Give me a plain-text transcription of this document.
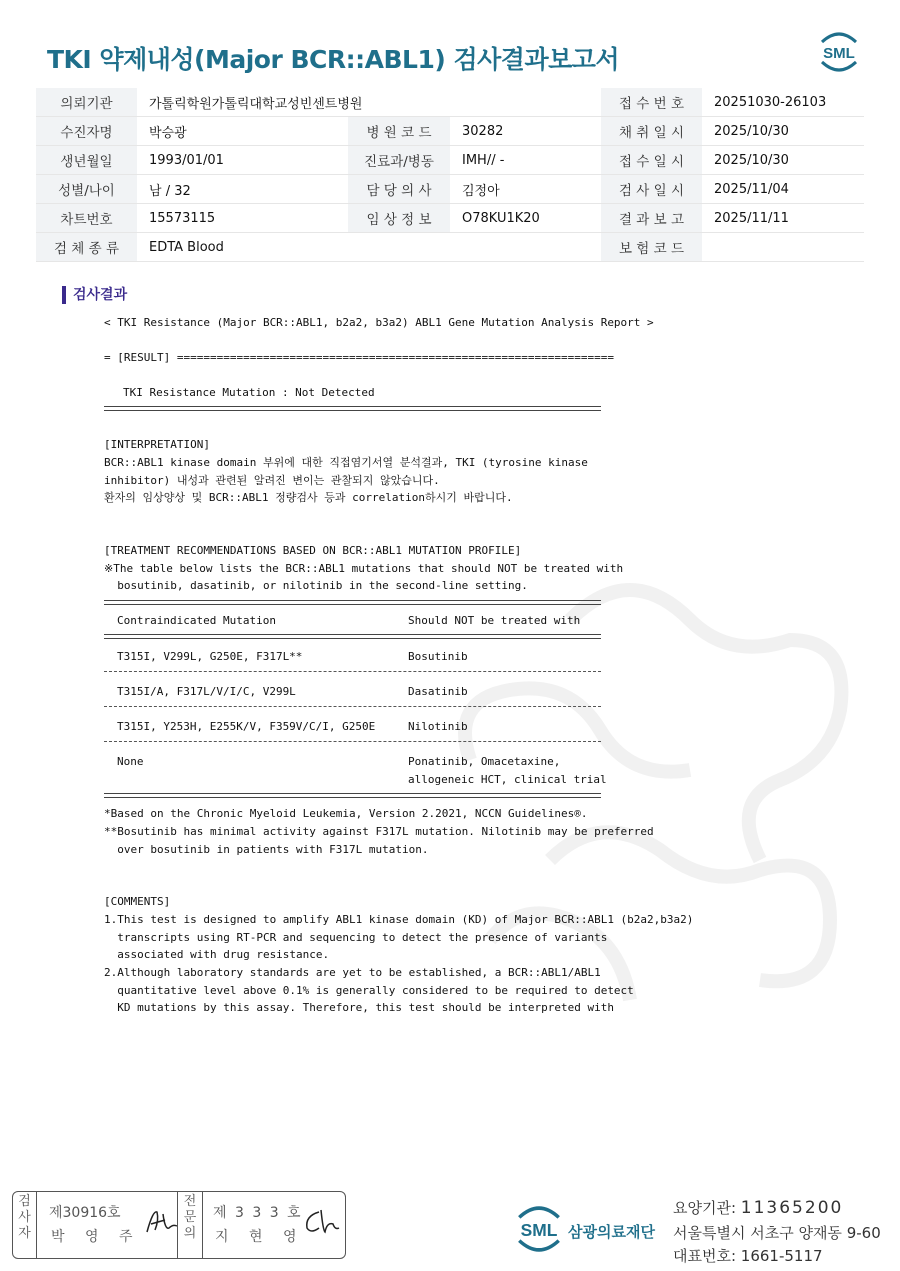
TKI 약제내성(Major BCR::ABL1) 검사결과보고서	SML
의뢰기관	가톨릭학원가톨릭대학교성빈센트병원			접 수 번 호	20251030-26103
수진자명	박승광	병 원 코 드	30282	채 취 일 시	2025/10/30
생년월일	1993/01/01	진료과/병동	IMH// -	접 수 일 시	2025/10/30
성별/나이	남 / 32	담 당 의 사	김정아	검 사 일 시	2025/11/04
차트번호	15573115	임 상 정 보	O78KU1K20	결 과 보 고	2025/11/11
검 체 종 류	EDTA Blood			보 험 코 드	
검사결과
< TKI Resistance (Major BCR::ABL1, b2a2, b3a2) ABL1 Gene Mutation Analysis Report >
= [RESULT] ==================================================================
TKI Resistance Mutation : Not Detected
[INTERPRETATION]
BCR::ABL1 kinase domain 부위에 대한 직접염기서열 분석결과, TKI (tyrosine kinase
inhibitor) 내성과 관련된 알려진 변이는 관찰되지 않았습니다.
환자의 임상양상 및 BCR::ABL1 정량검사 등과 correlation하시기 바랍니다.
[TREATMENT RECOMMENDATIONS BASED ON BCR::ABL1 MUTATION PROFILE]
※The table below lists the BCR::ABL1 mutations that should NOT be treated with
bosutinib, dasatinib, or nilotinib in the second-line setting.
Contraindicated Mutation	Should NOT be treated with
T315I, V299L, G250E, F317L**	Bosutinib
T315I/A, F317L/V/I/C, V299L	Dasatinib
T315I, Y253H, E255K/V, F359V/C/I, G250E	Nilotinib
None	Ponatinib, Omacetaxine,
allogeneic HCT, clinical trial
*Based on the Chronic Myeloid Leukemia, Version 2.2021, NCCN Guidelines®.
**Bosutinib has minimal activity against F317L mutation. Nilotinib may be preferred
over bosutinib in patients with F317L mutation.
[COMMENTS]
1.This test is designed to amplify ABL1 kinase domain (KD) of Major BCR::ABL1 (b2a2,b3a2)
transcripts using RT-PCR and sequencing to detect the presence of variants
associated with drug resistance.
2.Although laboratory standards are yet to be established, a BCR::ABL1/ABL1
quantitative level above 0.1% is generally considered to be required to detect
KD mutations by this assay. Therefore, this test should be interpreted with
검
사
자
제30916호
박 영 주
전
문
의
제 3 3 3 호
지 현 영	SML 삼광의료재단
요양기관: 11365200
서울특별시 서초구 양재동 9-60
대표번호: 1661-5117
